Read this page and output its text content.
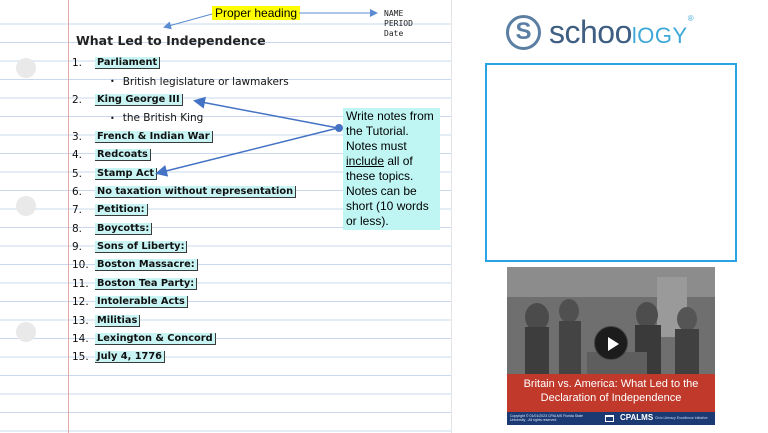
Proper heading	NAME
PERIOD
Date
What Led to Independence
1.	Parliament
• British legislature or lawmakers
2.	King George III
• the British King
3.	French & Indian War
4.	Redcoats
5.	Stamp Act
6.	No taxation without representation
7.	Petition:
8.	Boycotts:
9.	Sons of Liberty:
10. Boston Massacre:
11. Boston Tea Party:
12. Intolerable Acts
13. Militias
14. Lexington & Concord
15. July 4, 1776
Write notes from the Tutorial. Notes must include all of these topics. Notes can be short (10 words or less).
S schoolOGY®
Britain vs. America: What Led to the Declaration of Independence
Copyright © 01/01/2023 CPALMS Florida State University - All rights reserved	CPALMS Civic Literacy Excellence Initiative
